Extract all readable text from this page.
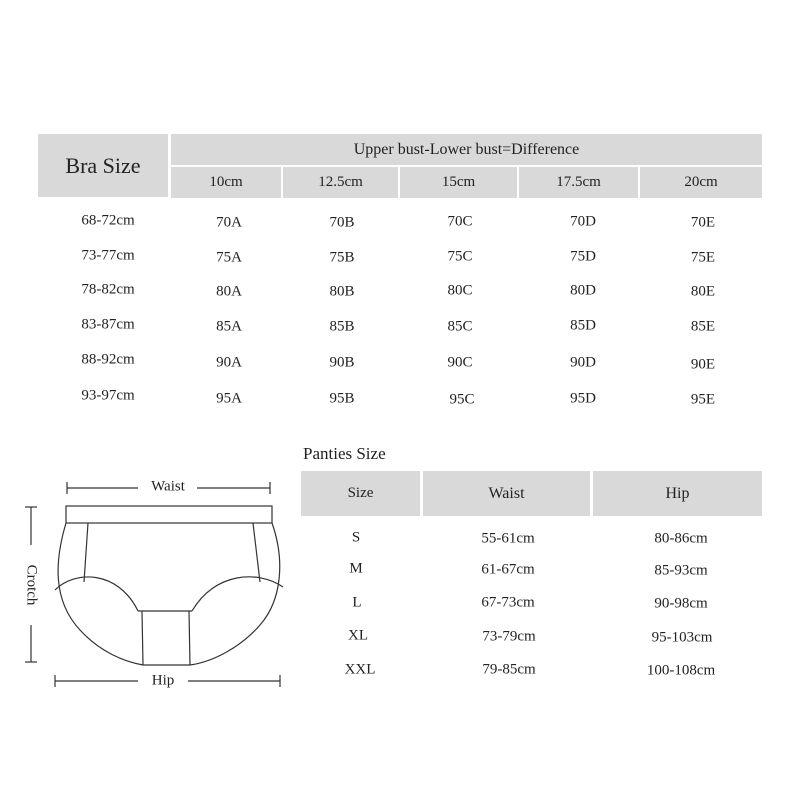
Bra Size
Upper bust-Lower bust=Difference
10cm	12.5cm	15cm	17.5cm	20cm
68-72cm	70A	70B	70C	70D	70E
73-77cm	75A	75B	75C	75D	75E
78-82cm	80A	80B	80C	80D	80E
83-87cm	85A	85B	85C	85D	85E
88-92cm	90A	90B	90C	90D	90E
93-97cm	95A	95B	95C	95D	95E
Waist
Hip
Crotch
Panties Size
Size	Waist	Hip
S	55-61cm	80-86cm
M	61-67cm	85-93cm
L	67-73cm	90-98cm
XL	73-79cm	95-103cm
XXL	79-85cm	100-108cm
